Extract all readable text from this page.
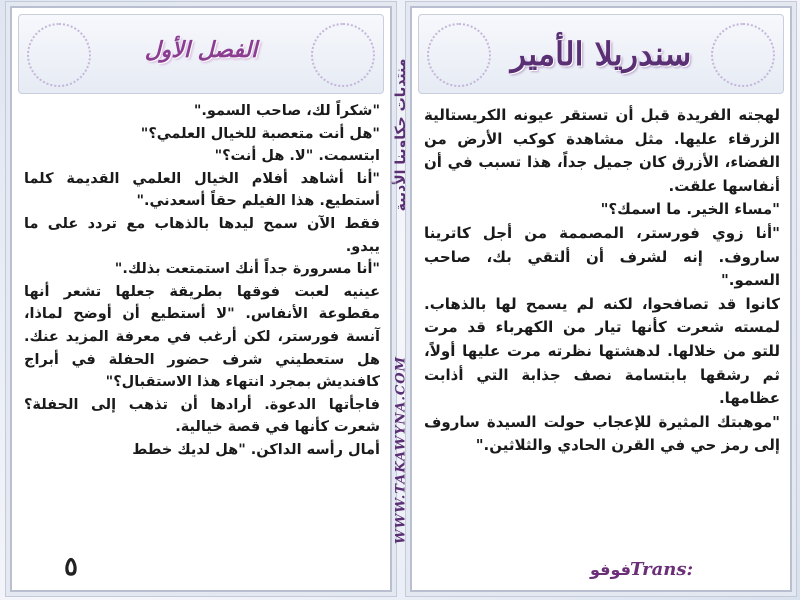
الفصل الأول

"شكراً لك، صاحب السمو."

"هل أنت متعصبة للخيال العلمي؟"

ابتسمت. "لا. هل أنت؟"

"أنا أشاهد أفلام الخيال العلمي القديمة كلما أستطيع. هذا الفيلم حقاً أسعدني."

فقط الآن سمح ليدها بالذهاب مع تردد على ما يبدو.

"أنا مسرورة جداً أنك استمتعت بذلك."

عينيه لعبت فوقها بطريقة جعلها تشعر أنها مقطوعة الأنفاس. "لا أستطيع أن أوضح لماذا، آنسة فورستر، لكن أرغب في معرفة المزيد عنك. هل ستعطيني شرف حضور الحفلة في أبراج كافنديش بمجرد انتهاء هذا الاستقبال؟"

فاجأتها الدعوة. أرادها أن تذهب إلى الحفلة؟ شعرت كأنها في قصة خيالية.

أمال رأسه الداكن. "هل لديك خطط

٥
منتديات حكاوينا الأدبية
WWW.TAKAWYNA.COM
سندريلا الأمير

لهجته الفريدة قبل أن تستقر عيونه الكريستالية الزرقاء عليها. مثل مشاهدة كوكب الأرض من الفضاء، الأزرق كان جميل جداً، هذا تسبب في أن أنفاسها علقت.

"مساء الخير. ما اسمك؟"

"أنا زوي فورستر، المصممة من أجل كاترينا ساروف. إنه لشرف أن ألتقي بك، صاحب السمو."

كانوا قد تصافحوا، لكنه لم يسمح لها بالذهاب. لمسته شعرت كأنها تيار من الكهرباء قد مرت للتو من خلالها. لدهشتها نظرته مرت عليها أولاً، ثم رشقها بابتسامة نصف جذابة التي أذابت عظامها.

"موهبتك المثيرة للإعجاب حولت السيدة ساروف إلى رمز حي في القرن الحادي والثلاثين."

فوفو
Trans:
